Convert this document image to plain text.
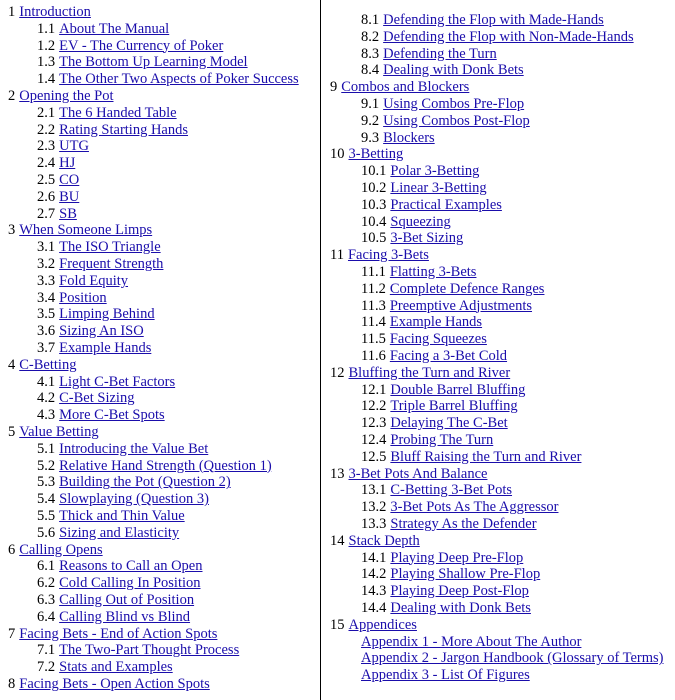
1 Introduction
1.1 About The Manual
1.2 EV - The Currency of Poker
1.3 The Bottom Up Learning Model
1.4 The Other Two Aspects of Poker Success
2 Opening the Pot
2.1 The 6 Handed Table
2.2 Rating Starting Hands
2.3 UTG
2.4 HJ
2.5 CO
2.6 BU
2.7 SB
3 When Someone Limps
3.1 The ISO Triangle
3.2 Frequent Strength
3.3 Fold Equity
3.4 Position
3.5 Limping Behind
3.6 Sizing An ISO
3.7 Example Hands
4 C-Betting
4.1 Light C-Bet Factors
4.2 C-Bet Sizing
4.3 More C-Bet Spots
5 Value Betting
5.1 Introducing the Value Bet
5.2 Relative Hand Strength (Question 1)
5.3 Building the Pot (Question 2)
5.4 Slowplaying (Question 3)
5.5 Thick and Thin Value
5.6 Sizing and Elasticity
6 Calling Opens
6.1 Reasons to Call an Open
6.2 Cold Calling In Position
6.3 Calling Out of Position
6.4 Calling Blind vs Blind
7 Facing Bets - End of Action Spots
7.1 The Two-Part Thought Process
7.2 Stats and Examples
8 Facing Bets - Open Action Spots
8.1 Defending the Flop with Made-Hands
8.2 Defending the Flop with Non-Made-Hands
8.3 Defending the Turn
8.4 Dealing with Donk Bets
9 Combos and Blockers
9.1 Using Combos Pre-Flop
9.2 Using Combos Post-Flop
9.3 Blockers
10 3-Betting
10.1 Polar 3-Betting
10.2 Linear 3-Betting
10.3 Practical Examples
10.4 Squeezing
10.5 3-Bet Sizing
11 Facing 3-Bets
11.1 Flatting 3-Bets
11.2 Complete Defence Ranges
11.3 Preemptive Adjustments
11.4 Example Hands
11.5 Facing Squeezes
11.6 Facing a 3-Bet Cold
12 Bluffing the Turn and River
12.1 Double Barrel Bluffing
12.2 Triple Barrel Bluffing
12.3 Delaying The C-Bet
12.4 Probing The Turn
12.5 Bluff Raising the Turn and River
13 3-Bet Pots And Balance
13.1 C-Betting 3-Bet Pots
13.2 3-Bet Pots As The Aggressor
13.3 Strategy As the Defender
14 Stack Depth
14.1 Playing Deep Pre-Flop
14.2 Playing Shallow Pre-Flop
14.3 Playing Deep Post-Flop
14.4 Dealing with Donk Bets
15 Appendices
Appendix 1 - More About The Author
Appendix 2 - Jargon Handbook (Glossary of Terms)
Appendix 3 - List Of Figures
